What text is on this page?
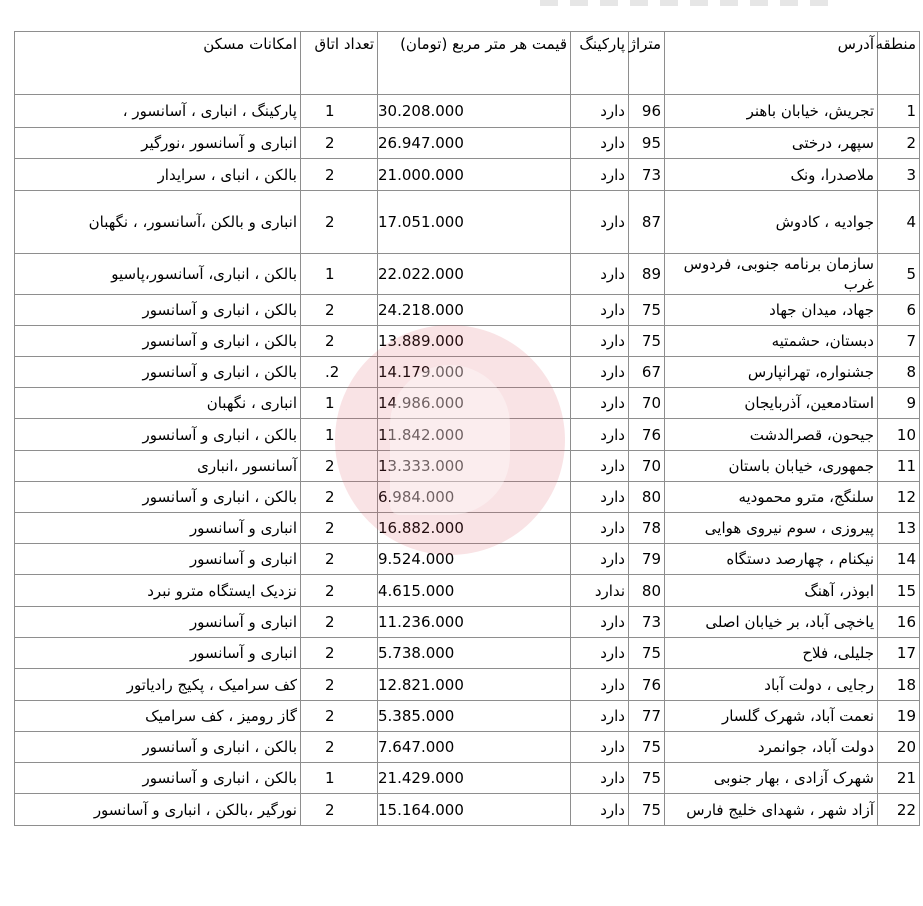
منطقه	آدرس	متراژ	پارکینگ	قیمت هر متر مربع (تومان)	تعداد اتاق	امکانات مسکن
1	تجریش، خیابان باهنر	96	دارد	30.208.000	1	پارکینگ ، انباری ، آسانسور ،
2	سپهر، درختی	95	دارد	26.947.000	2	انباری و آسانسور ،نورگیر
3	ملاصدرا، ونک	73	دارد	21.000.000	2	بالکن ، انبای ، سرایدار
4	جوادیه ، کادوش	87	دارد	17.051.000	2	انباری و بالکن ،آسانسور، ، نگهبان
5	سازمان برنامه جنوبی، فردوس غرب	89	دارد	22.022.000	1	بالکن ، انباری، آسانسور،پاسیو
6	جهاد، میدان جهاد	75	دارد	24.218.000	2	بالکن ، انباری و آسانسور
7	دبستان، حشمتیه	75	دارد	13.889.000	2	بالکن ، انباری و آسانسور
8	جشنواره، تهرانپارس	67	دارد	14.179.000	2.	بالکن ، انباری و آسانسور
9	استادمعین، آذربایجان	70	دارد	14.986.000	1	انباری ، نگهبان
10	جیحون، قصرالدشت	76	دارد	11.842.000	1	بالکن ، انباری و آسانسور
11	جمهوری، خیابان باستان	70	دارد	13.333.000	2	آسانسور ،انباری
12	سلنگج، مترو محمودیه	80	دارد	6.984.000	2	بالکن ، انباری و آسانسور
13	پیروزی ، سوم نیروی هوایی	78	دارد	16.882.000	2	انباری و آسانسور
14	نیکنام ، چهارصد دستگاه	79	دارد	9.524.000	2	انباری و آسانسور
15	ابوذر، آهنگ	80	ندارد	4.615.000	2	نزدیک ایستگاه مترو نبرد
16	یاخچی آباد، بر خیابان اصلی	73	دارد	11.236.000	2	انباری و آسانسور
17	جلیلی، فلاح	75	دارد	5.738.000	2	انباری و آسانسور
18	رجایی ، دولت آباد	76	دارد	12.821.000	2	کف سرامیک ، پکیج رادیاتور
19	نعمت آباد، شهرک گلسار	77	دارد	5.385.000	2	گاز رومیز ، کف سرامیک
20	دولت آباد، جوانمرد	75	دارد	7.647.000	2	بالکن ، انباری و آسانسور
21	شهرک آزادی ، بهار جنوبی	75	دارد	21.429.000	1	بالکن ، انباری و آسانسور
22	آزاد شهر ، شهدای خلیج فارس	75	دارد	15.164.000	2	نورگیر ،بالکن ، انباری و آسانسور
